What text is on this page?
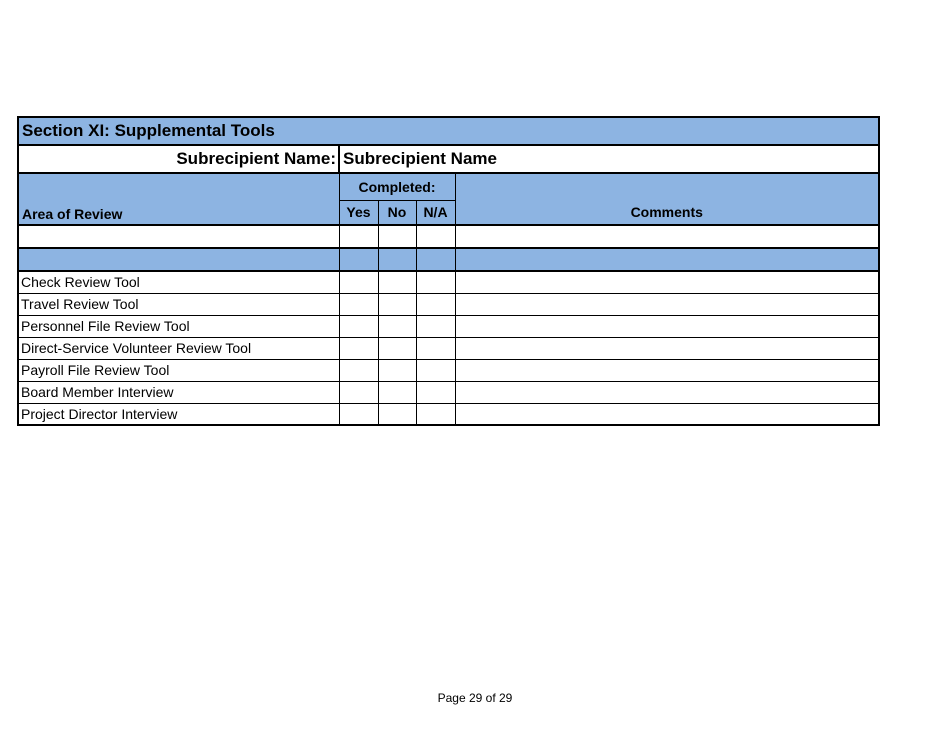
Section XI: Supplemental Tools				
Subrecipient Name:	Subrecipient Name			
Area of Review	Completed:			Comments
	Yes	No	N/A	

Check Review Tool				
Travel Review Tool				
Personnel File Review Tool				
Direct-Service Volunteer Review Tool				
Payroll File Review Tool				
Board Member Interview				
Project Director Interview				
Page 29 of 29
